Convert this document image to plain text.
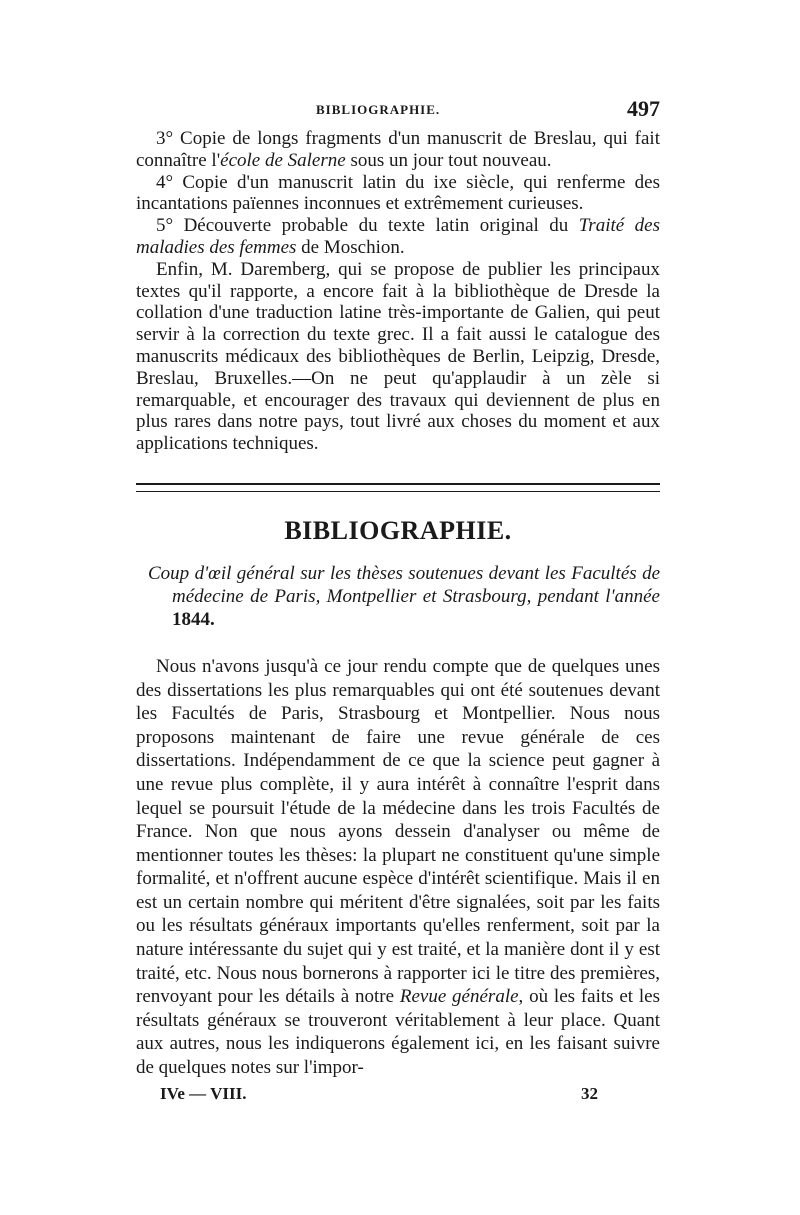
BIBLIOGRAPHIE.	497

3° Copie de longs fragments d'un manuscrit de Breslau, qui fait connaître l'école de Salerne sous un jour tout nouveau.

4° Copie d'un manuscrit latin du ixe siècle, qui renferme des incantations païennes inconnues et extrêmement curieuses.

5° Découverte probable du texte latin original du Traité des maladies des femmes de Moschion.

Enfin, M. Daremberg, qui se propose de publier les principaux textes qu'il rapporte, a encore fait à la bibliothèque de Dresde la collation d'une traduction latine très-importante de Galien, qui peut servir à la correction du texte grec. Il a fait aussi le catalogue des manuscrits médicaux des bibliothèques de Berlin, Leipzig, Dresde, Breslau, Bruxelles.—On ne peut qu'applaudir à un zèle si remarquable, et encourager des travaux qui deviennent de plus en plus rares dans notre pays, tout livré aux choses du moment et aux applications techniques.

BIBLIOGRAPHIE.

Coup d'œil général sur les thèses soutenues devant les Facultés de médecine de Paris, Montpellier et Strasbourg, pendant l'année 1844.

Nous n'avons jusqu'à ce jour rendu compte que de quelques unes des dissertations les plus remarquables qui ont été soutenues devant les Facultés de Paris, Strasbourg et Montpellier. Nous nous proposons maintenant de faire une revue générale de ces dissertations. Indépendamment de ce que la science peut gagner à une revue plus complète, il y aura intérêt à connaître l'esprit dans lequel se poursuit l'étude de la médecine dans les trois Facultés de France. Non que nous ayons dessein d'analyser ou même de mentionner toutes les thèses: la plupart ne constituent qu'une simple formalité, et n'offrent aucune espèce d'intérêt scientifique. Mais il en est un certain nombre qui méritent d'être signalées, soit par les faits ou les résultats généraux importants qu'elles renferment, soit par la nature intéressante du sujet qui y est traité, et la manière dont il y est traité, etc. Nous nous bornerons à rapporter ici le titre des premières, renvoyant pour les détails à notre Revue générale, où les faits et les résultats généraux se trouveront véritablement à leur place. Quant aux autres, nous les indiquerons également ici, en les faisant suivre de quelques notes sur l'impor-

IVe — VIII.	32
